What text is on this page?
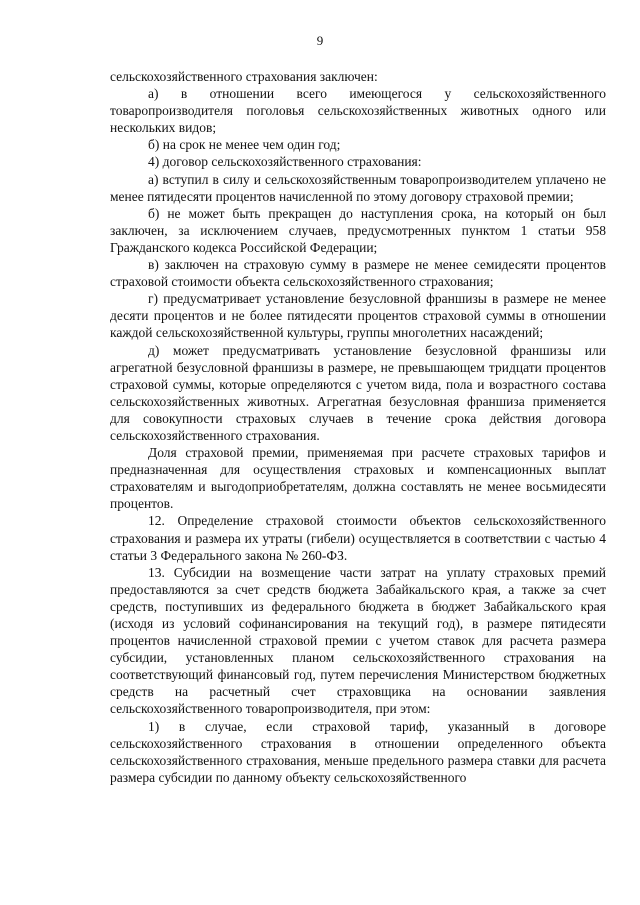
9

сельскохозяйственного страхования заключен:

а) в отношении всего имеющегося у сельскохозяйственного товаропроизводителя поголовья сельскохозяйственных животных одного или нескольких видов;

б) на срок не менее чем один год;

4) договор сельскохозяйственного страхования:

а) вступил в силу и сельскохозяйственным товаропроизводителем уплачено не менее пятидесяти процентов начисленной по этому договору страховой премии;

б) не может быть прекращен до наступления срока, на который он был заключен, за исключением случаев, предусмотренных пунктом 1 статьи 958 Гражданского кодекса Российской Федерации;

в) заключен на страховую сумму в размере не менее семидесяти процентов страховой стоимости объекта сельскохозяйственного страхования;

г) предусматривает установление безусловной франшизы в размере не менее десяти процентов и не более пятидесяти процентов страховой суммы в отношении каждой сельскохозяйственной культуры, группы многолетних насаждений;

д) может предусматривать установление безусловной франшизы или агрегатной безусловной франшизы в размере, не превышающем тридцати процентов страховой суммы, которые определяются с учетом вида, пола и возрастного состава сельскохозяйственных животных. Агрегатная безусловная франшиза применяется для совокупности страховых случаев в течение срока действия договора сельскохозяйственного страхования.

Доля страховой премии, применяемая при расчете страховых тарифов и предназначенная для осуществления страховых и компенсационных выплат страхователям и выгодоприобретателям, должна составлять не менее восьмидесяти процентов.

12. Определение страховой стоимости объектов сельскохозяйственного страхования и размера их утраты (гибели) осуществляется в соответствии с частью 4 статьи 3 Федерального закона № 260-ФЗ.

13. Субсидии на возмещение части затрат на уплату страховых премий предоставляются за счет средств бюджета Забайкальского края, а также за счет средств, поступивших из федерального бюджета в бюджет Забайкальского края (исходя из условий софинансирования на текущий год), в размере пятидесяти процентов начисленной страховой премии с учетом ставок для расчета размера субсидии, установленных планом сельскохозяйственного страхования на соответствующий финансовый год, путем перечисления Министерством бюджетных средств на расчетный счет страховщика на основании заявления сельскохозяйственного товаропроизводителя, при этом:

1) в случае, если страховой тариф, указанный в договоре сельскохозяйственного страхования в отношении определенного объекта сельскохозяйственного страхования, меньше предельного размера ставки для расчета размера субсидии по данному объекту сельскохозяйственного
